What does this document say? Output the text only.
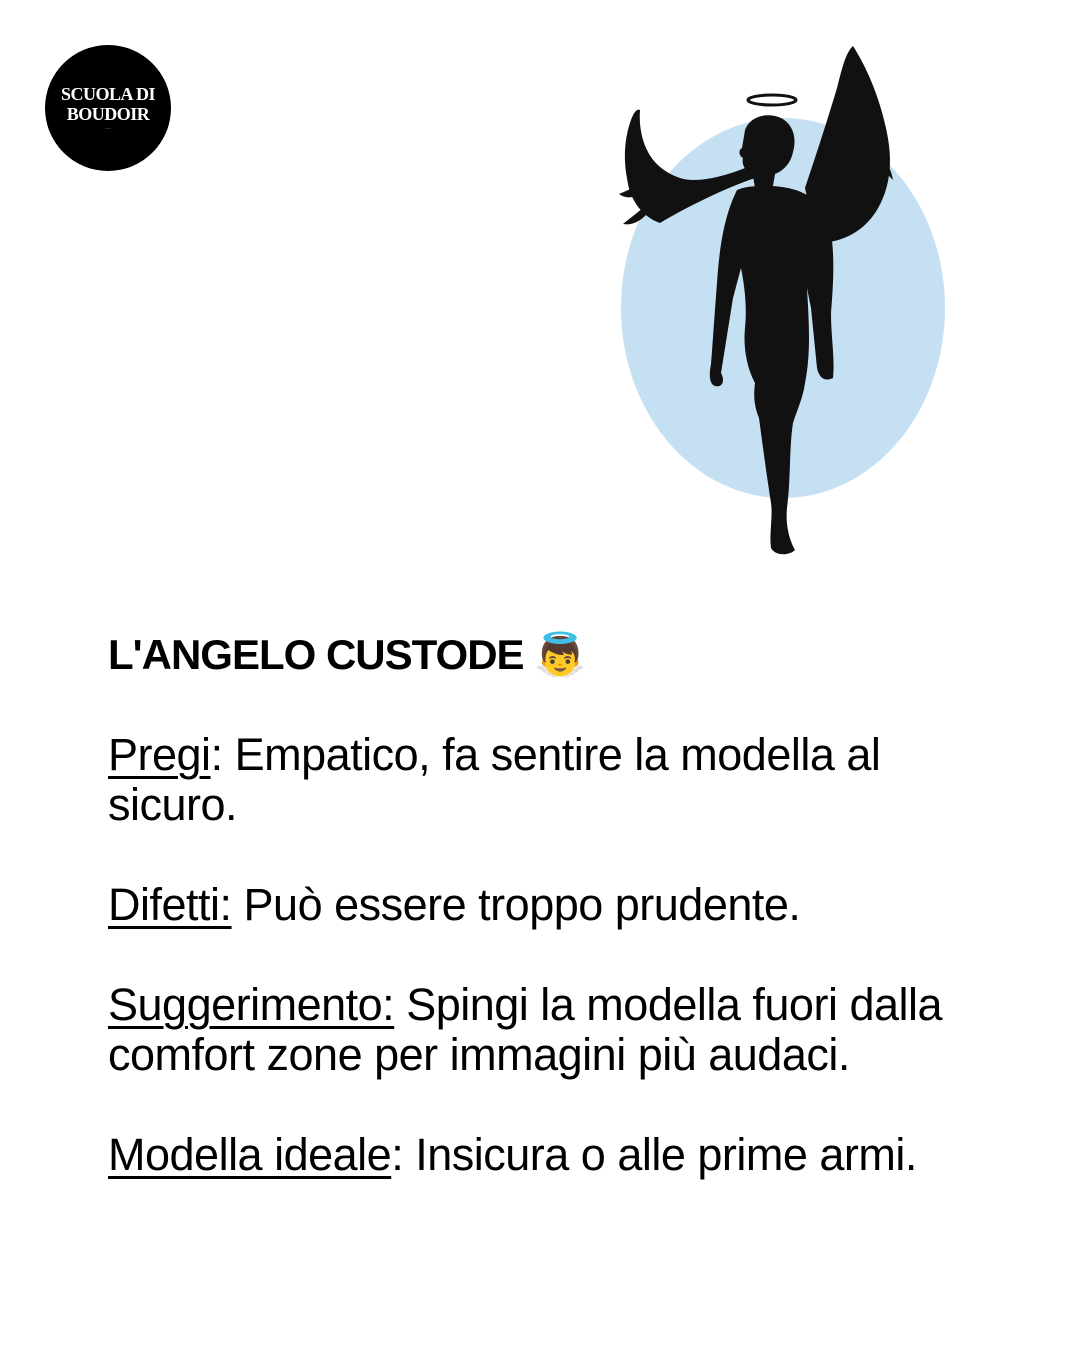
SCUOLA DI
BOUDOIR
· · · · · · · ·
L'ANGELO CUSTODE 👼

Pregi: Empatico, fa sentire la modella al sicuro.

Difetti: Può essere troppo prudente.

Suggerimento: Spingi la modella fuori dalla comfort zone per immagini più audaci.

Modella ideale: Insicura o alle prime armi.
